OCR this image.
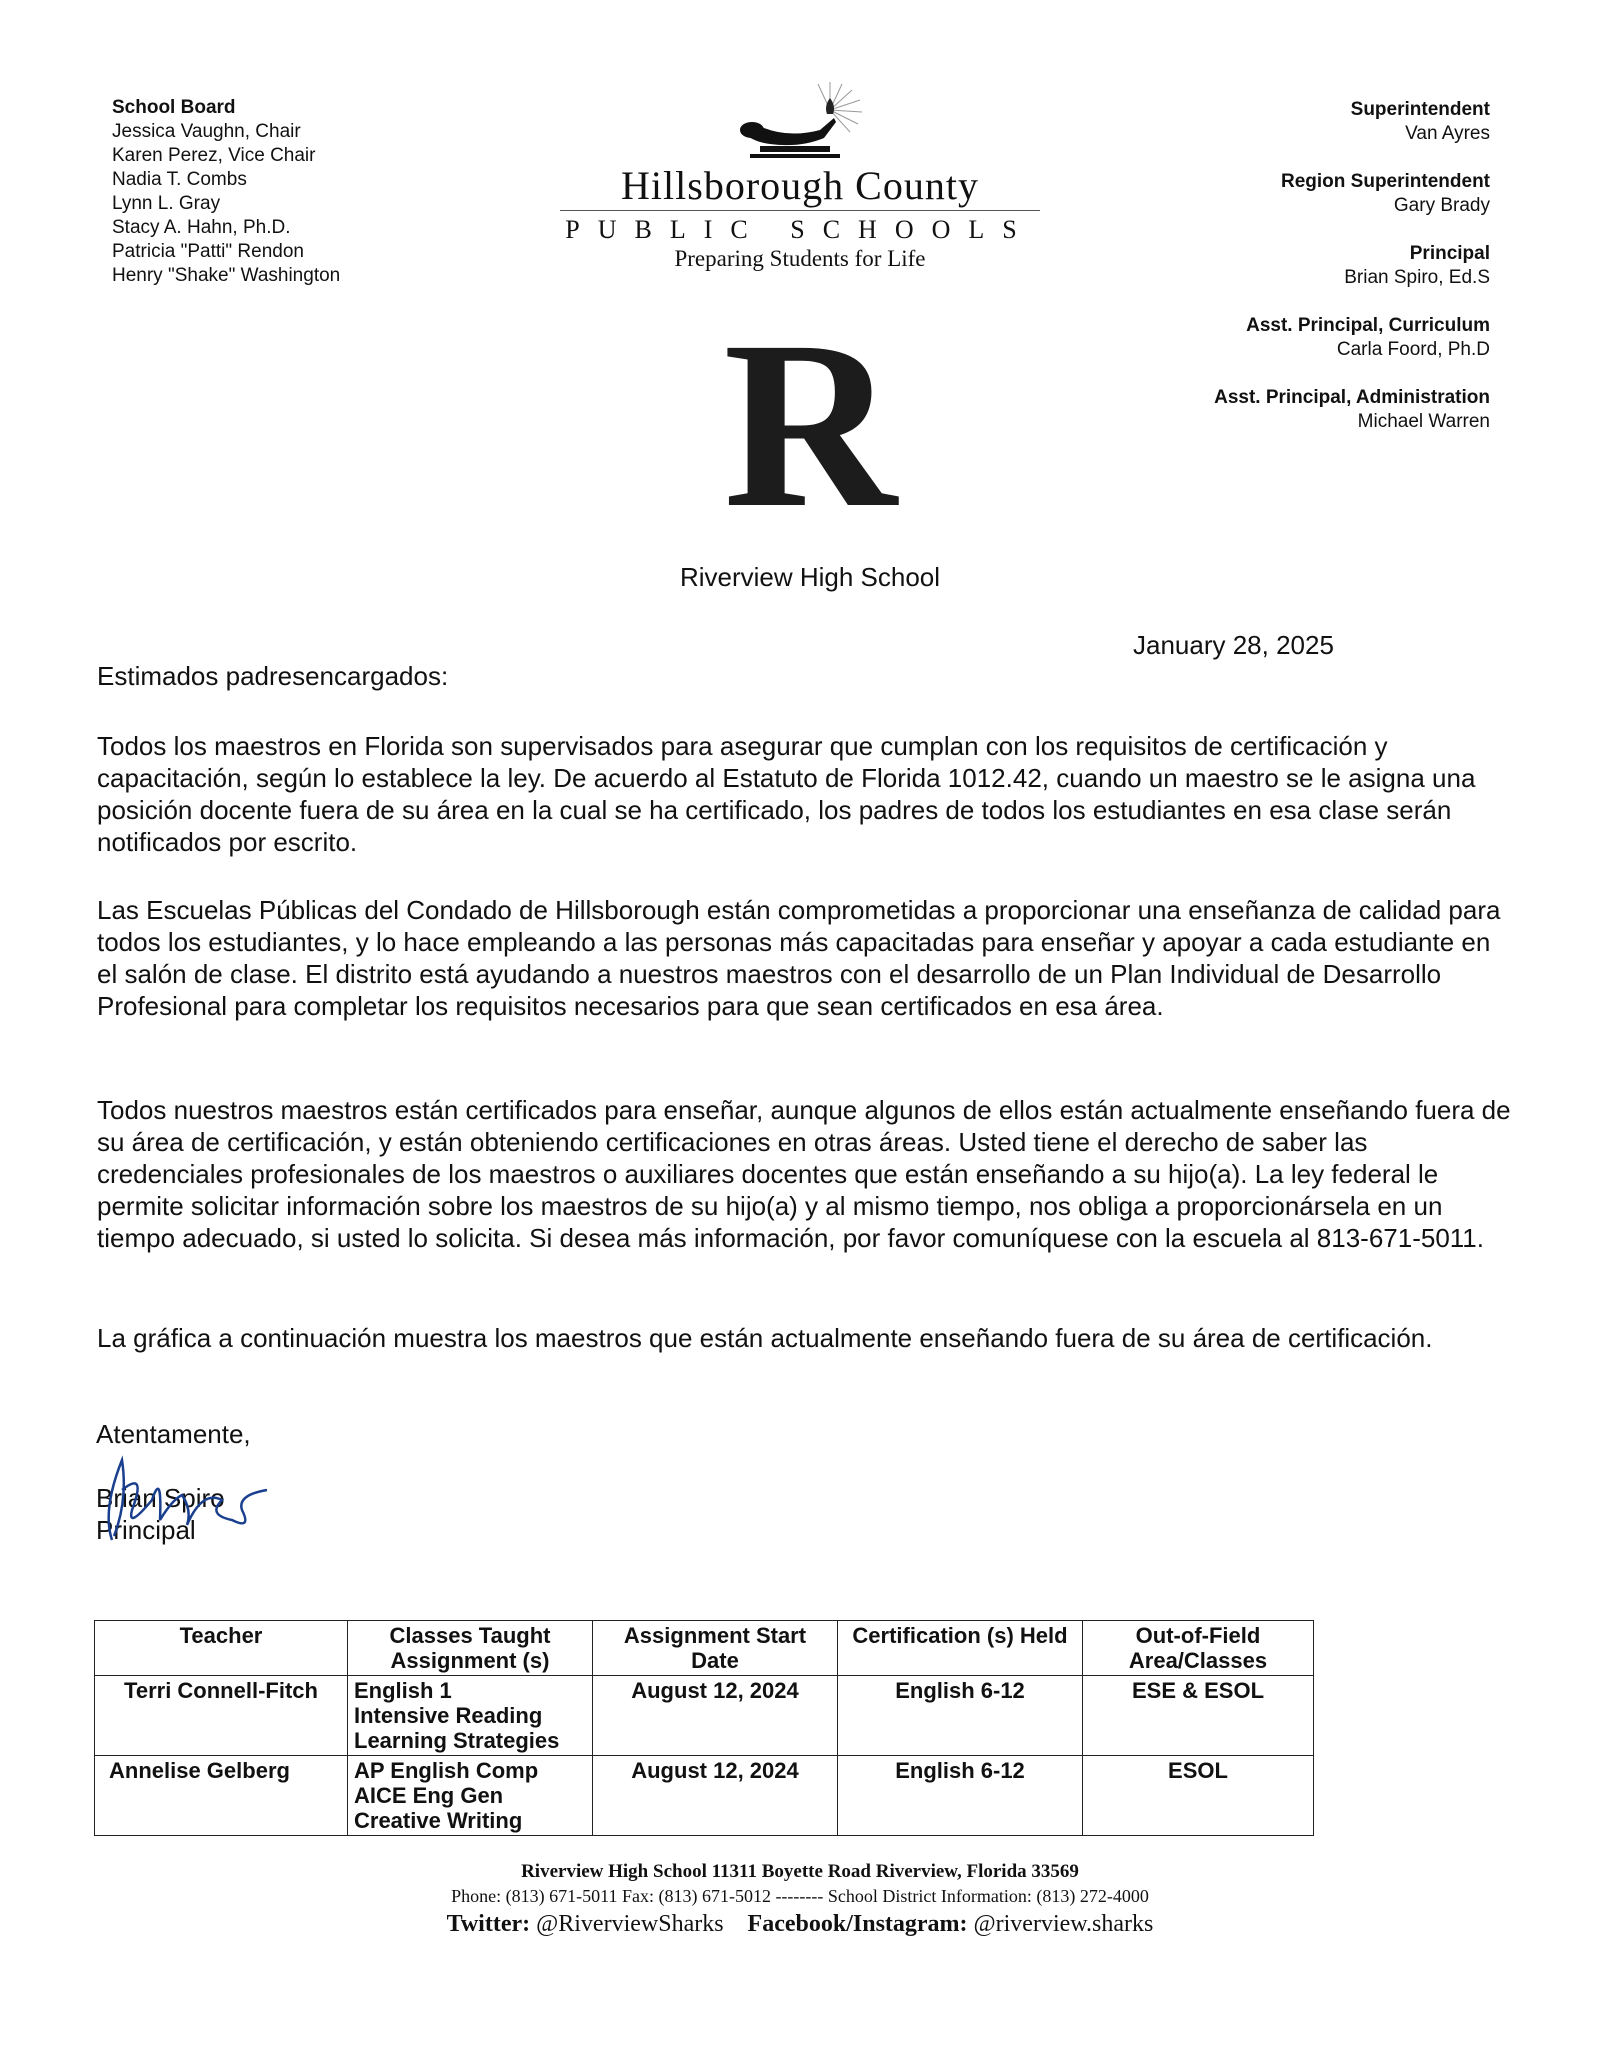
School Board
Jessica Vaughn, Chair
Karen Perez, Vice Chair
Nadia T. Combs
Lynn L. Gray
Stacy A. Hahn, Ph.D.
Patricia "Patti" Rendon
Henry "Shake" Washington
Hillsborough County
PUBLIC SCHOOLS
Preparing Students for Life
Superintendent
Van Ayres
Region Superintendent
Gary Brady
Principal
Brian Spiro, Ed.S
Asst. Principal, Curriculum
Carla Foord, Ph.D
Asst. Principal, Administration
Michael Warren
R
Riverview High School
January 28, 2025
Estimados padresencargados:
Todos los maestros en Florida son supervisados para asegurar que cumplan con los requisitos de certificación y capacitación, según lo establece la ley. De acuerdo al Estatuto de Florida 1012.42, cuando un maestro se le asigna una posición docente fuera de su área en la cual se ha certificado, los padres de todos los estudiantes en esa clase serán notificados por escrito.
Las Escuelas Públicas del Condado de Hillsborough están comprometidas a proporcionar una enseñanza de calidad para todos los estudiantes, y lo hace empleando a las personas más capacitadas para enseñar y apoyar a cada estudiante en el salón de clase. El distrito está ayudando a nuestros maestros con el desarrollo de un Plan Individual de Desarrollo Profesional para completar los requisitos necesarios para que sean certificados en esa área.
Todos nuestros maestros están certificados para enseñar, aunque algunos de ellos están actualmente enseñando fuera de su área de certificación, y están obteniendo certificaciones en otras áreas. Usted tiene el derecho de saber las credenciales profesionales de los maestros o auxiliares docentes que están enseñando a su hijo(a). La ley federal le permite solicitar información sobre los maestros de su hijo(a) y al mismo tiempo, nos obliga a proporcionársela en un tiempo adecuado, si usted lo solicita. Si desea más información, por favor comuníquese con la escuela al 813-671-5011.
La gráfica a continuación muestra los maestros que están actualmente enseñando fuera de su área de certificación.
Atentamente,
Brian Spiro
Principal
Teacher	Classes Taught Assignment (s)	Assignment Start Date	Certification (s) Held	Out-of-Field Area/Classes
Terri Connell-Fitch	English 1
Intensive Reading
Learning Strategies	August 12, 2024	English 6-12	ESE & ESOL
Annelise Gelberg	AP English Comp
AICE Eng Gen
Creative Writing	August 12, 2024	English 6-12	ESOL
Riverview High School 11311 Boyette Road Riverview, Florida 33569
Phone: (813) 671-5011 Fax: (813) 671-5012 -------- School District Information: (813) 272-4000
Twitter: @RiverviewSharks Facebook/Instagram: @riverview.sharks
